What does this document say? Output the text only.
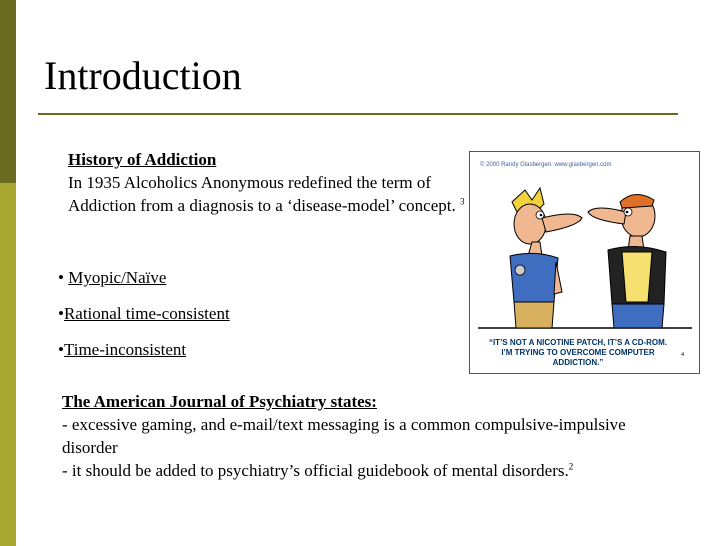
Introduction
History of Addiction
In 1935 Alcoholics Anonymous redefined the term of Addiction from a diagnosis to a ‘disease-model’ concept. $^3$
• Myopic/Naïve
•Rational time-consistent
•Time-inconsistent
© 2000 Randy Glasbergen. www.glasbergen.com
“IT’S NOT A NICOTINE PATCH, IT’S A CD-ROM.
I’M TRYING TO OVERCOME COMPUTER ADDICTION.”
4
The American Journal of Psychiatry states:
- excessive gaming, and e-mail/text messaging is a common compulsive-impulsive disorder
- it should be added to psychiatry’s official guidebook of mental disorders.$^2$
